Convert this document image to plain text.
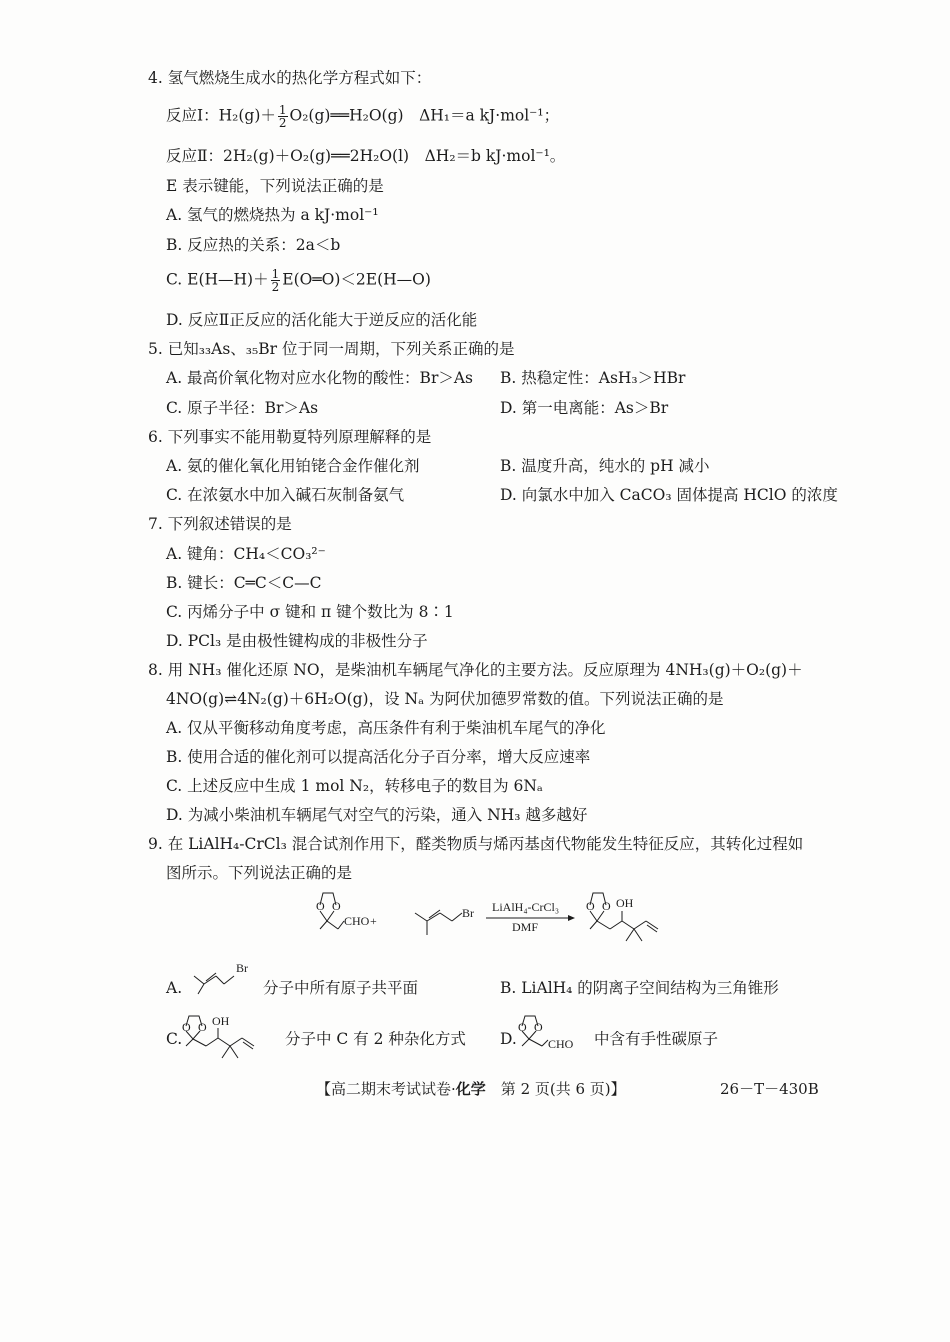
4. 氢气燃烧生成水的热化学方程式如下：
反应Ⅰ：$H_2(g)+ \frac{1}{2}$ O₂(g)══H₂O(g)　ΔH₁＝a kJ·mol⁻¹；
反应Ⅱ：2H₂(g)＋O₂(g)══2H₂O(l)　ΔH₂＝b kJ·mol⁻¹。
E 表示键能，下列说法正确的是
A. 氢气的燃烧热为 a kJ·mol⁻¹
B. 反应热的关系：2a＜b
C. E(H—H)＋ $\frac{1}{2}$ E(O═O)＜2E(H—O)
D. 反应Ⅱ正反应的活化能大于逆反应的活化能
5. 已知₃₃As、₃₅Br 位于同一周期，下列关系正确的是
A. 最高价氧化物对应水化物的酸性：Br＞As B. 热稳定性：AsH₃＞HBr
C. 原子半径：Br＞As	D. 第一电离能：As＞Br
6. 下列事实不能用勒夏特列原理解释的是
A. 氨的催化氧化用铂铑合金作催化剂	B. 温度升高，纯水的 pH 减小
C. 在浓氨水中加入碱石灰制备氨气	D. 向氯水中加入 CaCO₃ 固体提高 HClO 的浓度
7. 下列叙述错误的是
A. 键角：CH₄＜CO₃²⁻
B. 键长：C═C＜C—C
C. 丙烯分子中 σ 键和 π 键个数比为 8∶1
D. PCl₃ 是由极性键构成的非极性分子
8. 用 NH₃ 催化还原 NO，是柴油机车辆尾气净化的主要方法。反应原理为 4NH₃(g)＋O₂(g)＋
4NO(g)⇌4N₂(g)＋6H₂O(g)，设 Nₐ 为阿伏加德罗常数的值。下列说法正确的是
A. 仅从平衡移动角度考虑，高压条件有利于柴油机车尾气的净化
B. 使用合适的催化剂可以提高活化分子百分率，增大反应速率
C. 上述反应中生成 1 mol N₂，转移电子的数目为 6Nₐ
D. 为减小柴油机车辆尾气对空气的污染，通入 NH₃ 越多越好
9. 在 LiAlH₄-CrCl₃ 混合试剂作用下，醛类物质与烯丙基卤代物能发生特征反应，其转化过程如
图所示。下列说法正确的是
O O
CHO +
Br LiAlH₄-CrCl₃
DMF
O O OH
A.
Br
分子中所有原子共平面	B. LiAlH₄ 的阴离子空间结构为三角锥形
C.
O O OH
分子中 C 有 2 种杂化方式 D.
O O
CHO 中含有手性碳原子
【高二期末考试试卷·化学　第 2 页(共 6 页)】	26－T－430B
